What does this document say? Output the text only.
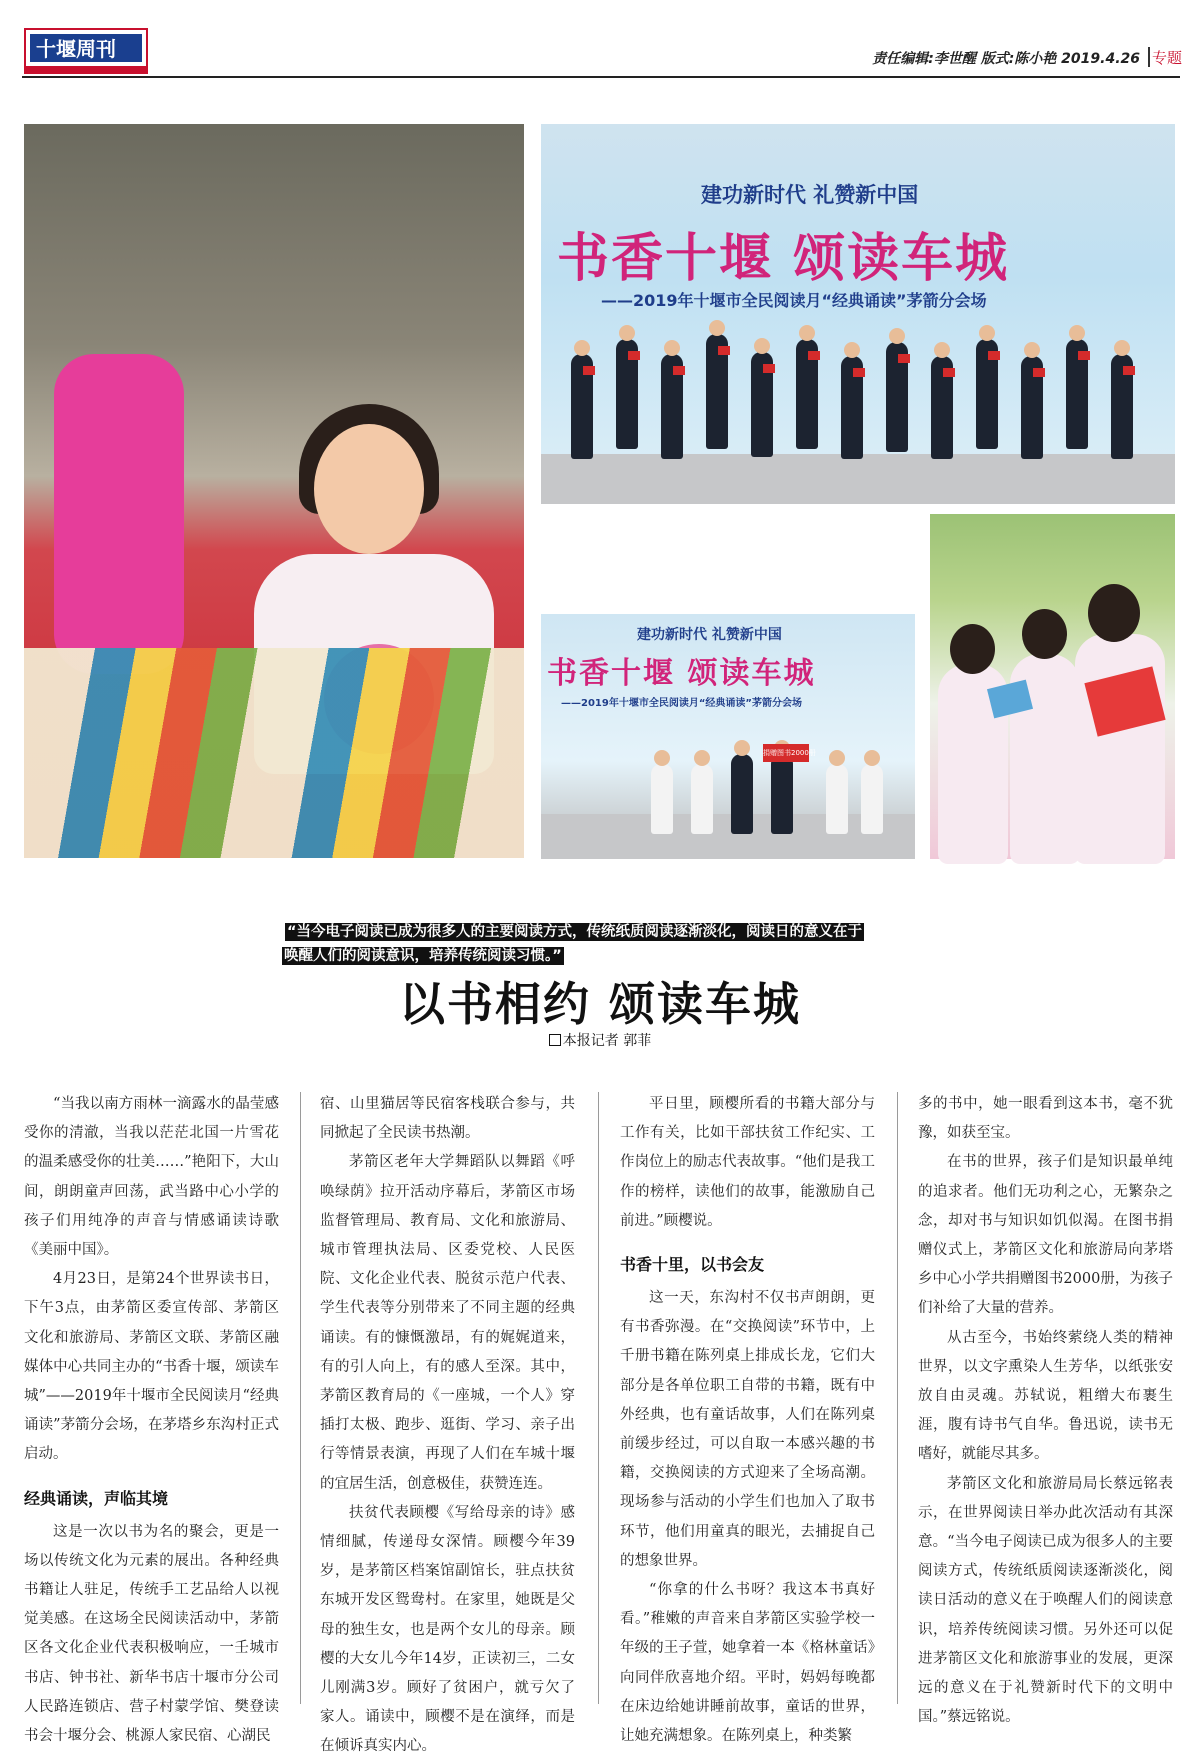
十堰周刊	责任编辑:李世醒 版式:陈小艳 2019.4.26 专题
建功新时代 礼赞新中国
书香十堰 颂读车城
——2019年十堰市全民阅读月“经典诵读”茅箭分会场
建功新时代 礼赞新中国
书香十堰 颂读车城
——2019年十堰市全民阅读月“经典诵读”茅箭分会场
捐赠图书2000册
“当今电子阅读已成为很多人的主要阅读方式，传统纸质阅读逐渐淡化，阅读日的意义在于
唤醒人们的阅读意识，培养传统阅读习惯。”
以书相约 颂读车城
本报记者 郭菲

“当我以南方雨林一滴露水的晶莹感受你的清澈，当我以茫茫北国一片雪花的温柔感受你的壮美……”艳阳下，大山间，朗朗童声回荡，武当路中心小学的孩子们用纯净的声音与情感诵读诗歌《美丽中国》。

4月23日，是第24个世界读书日，下午3点，由茅箭区委宣传部、茅箭区文化和旅游局、茅箭区文联、茅箭区融媒体中心共同主办的“书香十堰，颂读车城”——2019年十堰市全民阅读月“经典诵读”茅箭分会场，在茅塔乡东沟村正式启动。

经典诵读，声临其境

这是一次以书为名的聚会，更是一场以传统文化为元素的展出。各种经典书籍让人驻足，传统手工艺品给人以视觉美感。在这场全民阅读活动中，茅箭区各文化企业代表积极响应，一壬城市书店、钟书社、新华书店十堰市分公司人民路连锁店、营子村蒙学馆、樊登读书会十堰分会、桃源人家民宿、心湖民

宿、山里猫居等民宿客栈联合参与，共同掀起了全民读书热潮。

茅箭区老年大学舞蹈队以舞蹈《呼唤绿荫》拉开活动序幕后，茅箭区市场监督管理局、教育局、文化和旅游局、城市管理执法局、区委党校、人民医院、文化企业代表、脱贫示范户代表、学生代表等分别带来了不同主题的经典诵读。有的慷慨激昂，有的娓娓道来，有的引人向上，有的感人至深。其中，茅箭区教育局的《一座城，一个人》穿插打太极、跑步、逛街、学习、亲子出行等情景表演，再现了人们在车城十堰的宜居生活，创意极佳，获赞连连。

扶贫代表顾樱《写给母亲的诗》感情细腻，传递母女深情。顾樱今年39岁，是茅箭区档案馆副馆长，驻点扶贫东城开发区鸳鸯村。在家里，她既是父母的独生女，也是两个女儿的母亲。顾樱的大女儿今年14岁，正读初三，二女儿刚满3岁。顾好了贫困户，就亏欠了家人。诵读中，顾樱不是在演绎，而是在倾诉真实内心。

平日里，顾樱所看的书籍大部分与工作有关，比如干部扶贫工作纪实、工作岗位上的励志代表故事。“他们是我工作的榜样，读他们的故事，能激励自己前进。”顾樱说。

书香十里，以书会友

这一天，东沟村不仅书声朗朗，更有书香弥漫。在“交换阅读”环节中，上千册书籍在陈列桌上排成长龙，它们大部分是各单位职工自带的书籍，既有中外经典，也有童话故事，人们在陈列桌前缓步经过，可以自取一本感兴趣的书籍，交换阅读的方式迎来了全场高潮。现场参与活动的小学生们也加入了取书环节，他们用童真的眼光，去捕捉自己的想象世界。

“你拿的什么书呀？我这本书真好看。”稚嫩的声音来自茅箭区实验学校一年级的王子萱，她拿着一本《格林童话》向同伴欣喜地介绍。平时，妈妈每晚都在床边给她讲睡前故事，童话的世界，让她充满想象。在陈列桌上，种类繁

多的书中，她一眼看到这本书，毫不犹豫，如获至宝。

在书的世界，孩子们是知识最单纯的追求者。他们无功利之心，无繁杂之念，却对书与知识如饥似渴。在图书捐赠仪式上，茅箭区文化和旅游局向茅塔乡中心小学共捐赠图书2000册，为孩子们补给了大量的营养。

从古至今，书始终萦绕人类的精神世界，以文字熏染人生芳华，以纸张安放自由灵魂。苏轼说，粗缯大布裹生涯，腹有诗书气自华。鲁迅说，读书无嗜好，就能尽其多。

茅箭区文化和旅游局局长蔡远铭表示，在世界阅读日举办此次活动有其深意。“当今电子阅读已成为很多人的主要阅读方式，传统纸质阅读逐渐淡化，阅读日活动的意义在于唤醒人们的阅读意识，培养传统阅读习惯。另外还可以促进茅箭区文化和旅游事业的发展，更深远的意义在于礼赞新时代下的文明中国。”蔡远铭说。
